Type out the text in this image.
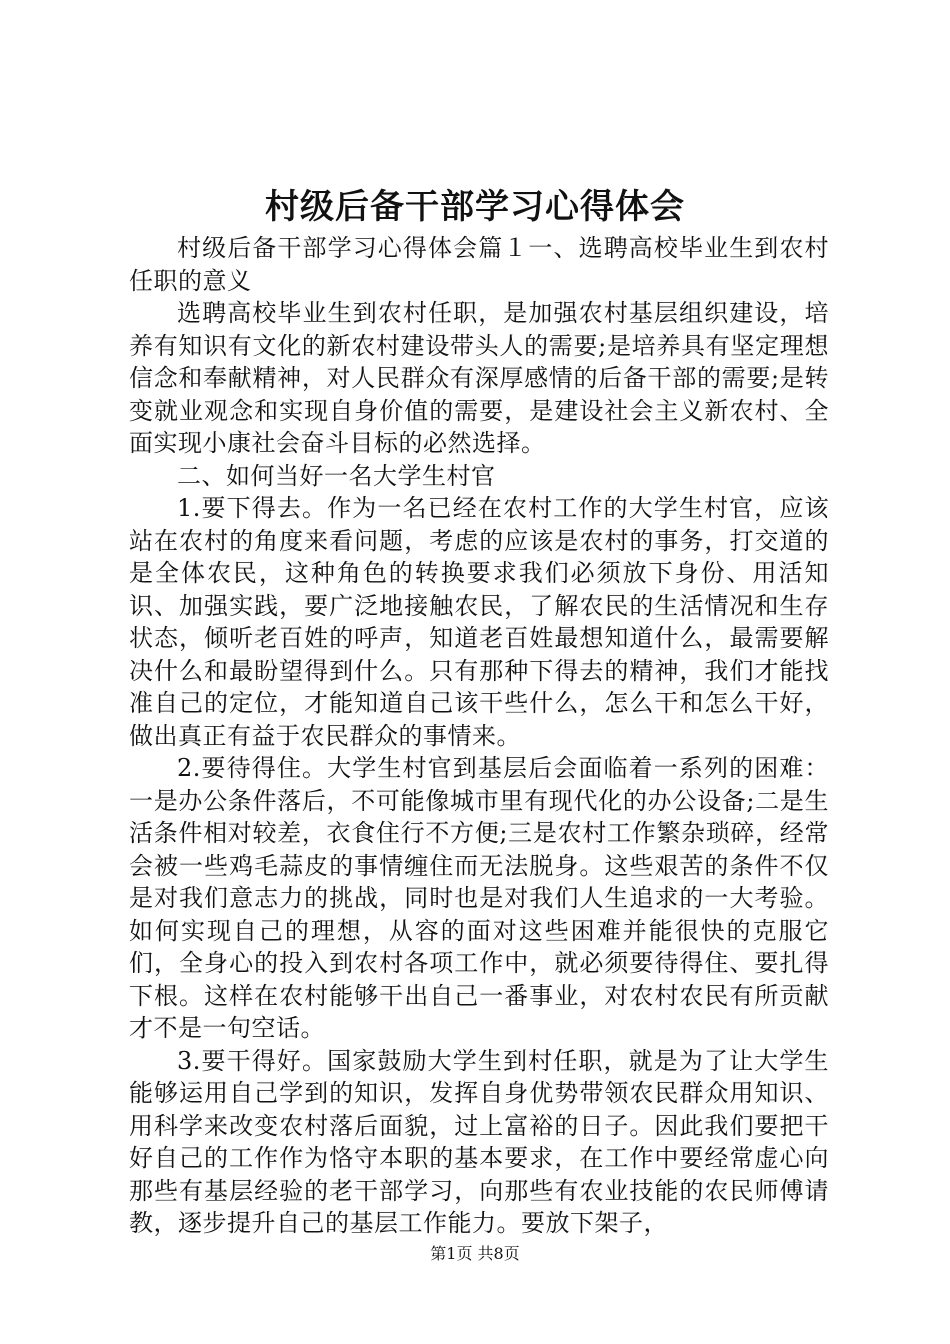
村级后备干部学习心得体会

村级后备干部学习心得体会篇１一、选聘高校毕业生到农村任职的意义

选聘高校毕业生到农村任职，是加强农村基层组织建设，培养有知识有文化的新农村建设带头人的需要;是培养具有坚定理想信念和奉献精神，对人民群众有深厚感情的后备干部的需要;是转变就业观念和实现自身价值的需要，是建设社会主义新农村、全面实现小康社会奋斗目标的必然选择。

二、如何当好一名大学生村官

1.要下得去。作为一名已经在农村工作的大学生村官，应该站在农村的角度来看问题，考虑的应该是农村的事务，打交道的是全体农民，这种角色的转换要求我们必须放下身份、用活知识、加强实践，要广泛地接触农民，了解农民的生活情况和生存状态，倾听老百姓的呼声，知道老百姓最想知道什么，最需要解决什么和最盼望得到什么。只有那种下得去的精神，我们才能找准自己的定位，才能知道自己该干些什么，怎么干和怎么干好，做出真正有益于农民群众的事情来。

2.要待得住。大学生村官到基层后会面临着一系列的困难：一是办公条件落后，不可能像城市里有现代化的办公设备;二是生活条件相对较差，衣食住行不方便;三是农村工作繁杂琐碎，经常会被一些鸡毛蒜皮的事情缠住而无法脱身。这些艰苦的条件不仅是对我们意志力的挑战，同时也是对我们人生追求的一大考验。如何实现自己的理想，从容的面对这些困难并能很快的克服它们，全身心的投入到农村各项工作中，就必须要待得住、要扎得下根。这样在农村能够干出自己一番事业，对农村农民有所贡献才不是一句空话。

3.要干得好。国家鼓励大学生到村任职，就是为了让大学生能够运用自己学到的知识，发挥自身优势带领农民群众用知识、用科学来改变农村落后面貌，过上富裕的日子。因此我们要把干好自己的工作作为恪守本职的基本要求，在工作中要经常虚心向那些有基层经验的老干部学习，向那些有农业技能的农民师傅请教，逐步提升自己的基层工作能力。要放下架子，

第1页 共8页
